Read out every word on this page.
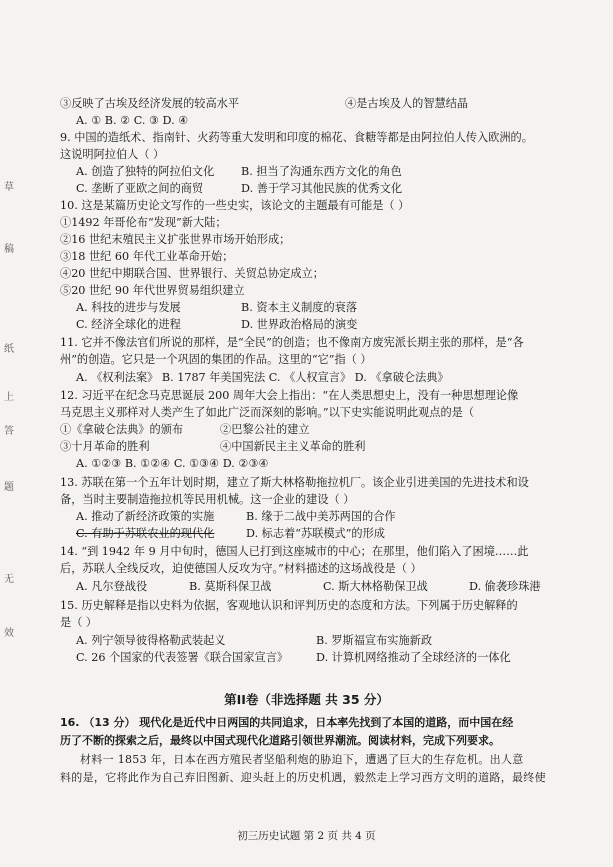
草
稿
纸
上
答
题
无
效
③反映了古埃及经济发展的较高水平	④是古埃及人的智慧结晶
A. ① B. ② C. ③ D. ④
9. 中国的造纸术、指南针、火药等重大发明和印度的棉花、食糖等都是由阿拉伯人传入欧洲的。
这说明阿拉伯人（ ）
A. 创造了独特的阿拉伯文化 B. 担当了沟通东西方文化的角色
C. 垄断了亚欧之间的商贸	D. 善于学习其他民族的优秀文化
10. 这是某篇历史论文写作的一些史实，该论文的主题最有可能是（ ）
①1492 年哥伦布“发现”新大陆；
②16 世纪末殖民主义扩张世界市场开始形成；
③18 世纪 60 年代工业革命开始；
④20 世纪中期联合国、世界银行、关贸总协定成立；
⑤20 世纪 90 年代世界贸易组织建立
A. 科技的进步与发展	B. 资本主义制度的衰落
C. 经济全球化的进程	D. 世界政治格局的演变
11. 它并不像法官们所说的那样，是“全民”的创造；也不像南方废宪派长期主张的那样，是“各
州”的创造。它只是一个巩固的集团的作品。这里的“它”指（ ）
A. 《权利法案》 B. 1787 年美国宪法 C. 《人权宣言》 D. 《拿破仑法典》
12. 习近平在纪念马克思诞辰 200 周年大会上指出：“在人类思想史上，没有一种思想理论像
马克思主义那样对人类产生了如此广泛而深刻的影响。”以下史实能说明此观点的是（
①《拿破仑法典》的颁布	②巴黎公社的建立
③十月革命的胜利	④中国新民主主义革命的胜利
A. ①②③ B. ①②④ C. ①③④ D. ②③④
13. 苏联在第一个五年计划时期，建立了斯大林格勒拖拉机厂。该企业引进美国的先进技术和设
备，当时主要制造拖拉机等民用机械。这一企业的建设（ ）
A. 推动了新经济政策的实施	B. 缘于二战中美苏两国的合作
C. 有助于苏联农业的现代化	D. 标志着“苏联模式”的形成
14. “到 1942 年 9 月中旬时，德国人已打到这座城市的中心；在那里，他们陷入了困境……此
后，苏联人全线反攻，迫使德国人反攻为守。”材料描述的这场战役是（ ）
A. 凡尔登战役	B. 莫斯科保卫战	C. 斯大林格勒保卫战	D. 偷袭珍珠港
15. 历史解释是指以史料为依据，客观地认识和评判历史的态度和方法。下列属于历史解释的
是（ ）
A. 列宁领导彼得格勒武装起义	B. 罗斯福宣布实施新政
C. 26 个国家的代表签署《联合国家宣言》 D. 计算机网络推动了全球经济的一体化
第II卷（非选择题 共 35 分）
16. （13 分） 现代化是近代中日两国的共同追求，日本率先找到了本国的道路，而中国在经
历了不断的探索之后，最终以中国式现代化道路引领世界潮流。阅读材料，完成下列要求。
材料一 1853 年，日本在西方殖民者坚船利炮的胁迫下，遭遇了巨大的生存危机。出人意
料的是，它将此作为自己弃旧图新、迎头赶上的历史机遇，毅然走上学习西方文明的道路，最终使
初三历史试题 第 2 页 共 4 页
